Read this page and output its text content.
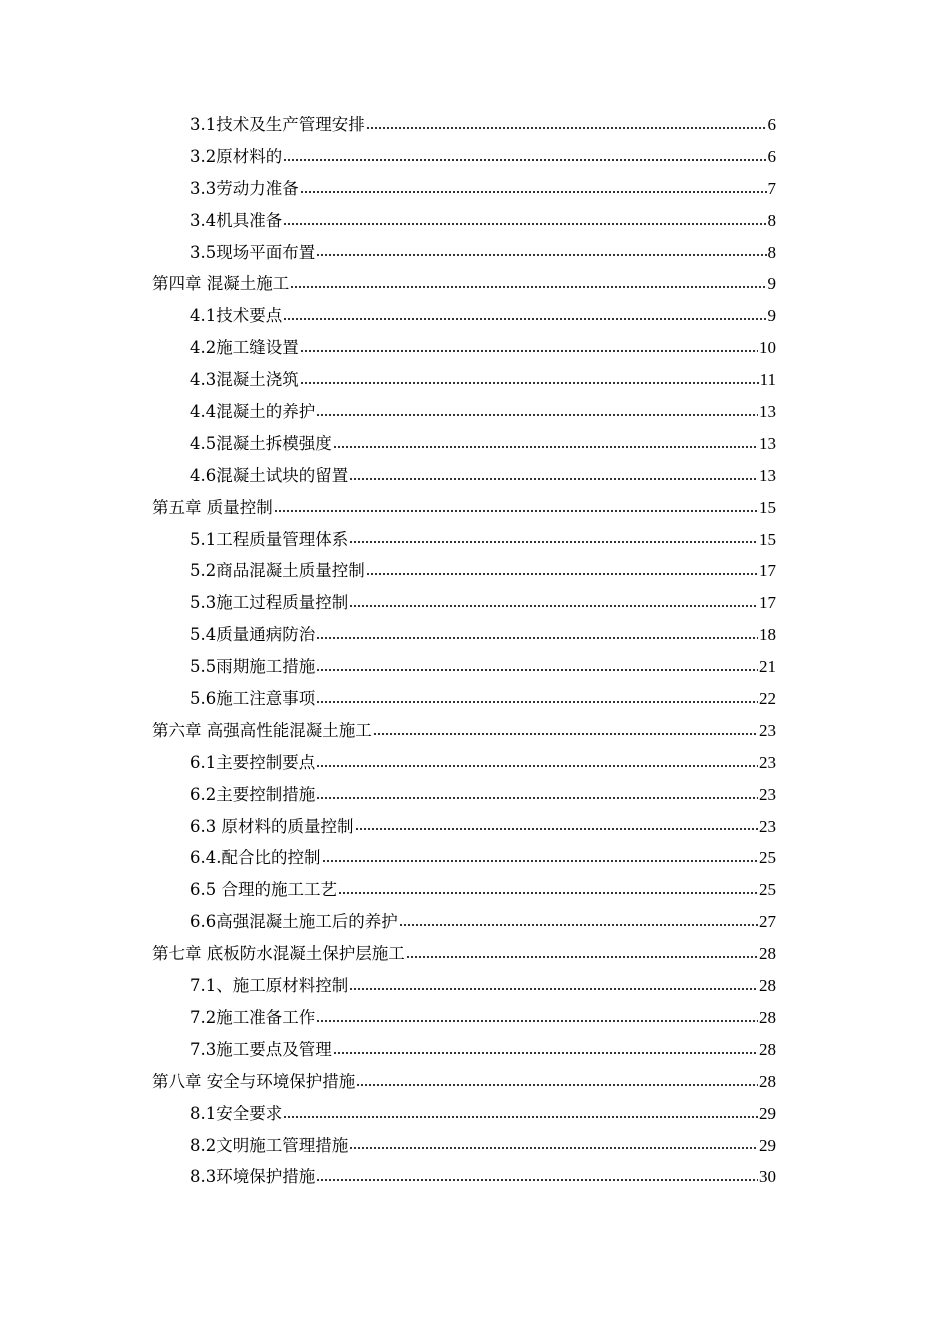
3.1技术及生产管理安排	6
3.2原材料的	6
3.3劳动力准备	7
3.4机具准备	8
3.5现场平面布置	8
第四章 混凝土施工	9
4.1技术要点	9
4.2施工缝设置	10
4.3混凝土浇筑	11
4.4混凝土的养护	13
4.5混凝土拆模强度	13
4.6混凝土试块的留置	13
第五章 质量控制	15
5.1工程质量管理体系	15
5.2商品混凝土质量控制	17
5.3施工过程质量控制	17
5.4质量通病防治	18
5.5雨期施工措施	21
5.6施工注意事项	22
第六章 高强高性能混凝土施工	23
6.1主要控制要点	23
6.2主要控制措施	23
6.3 原材料的质量控制	23
6.4.配合比的控制	25
6.5 合理的施工工艺	25
6.6高强混凝土施工后的养护	27
第七章 底板防水混凝土保护层施工	28
7.1、施工原材料控制	28
7.2施工准备工作	28
7.3施工要点及管理	28
第八章 安全与环境保护措施	28
8.1安全要求	29
8.2文明施工管理措施	29
8.3环境保护措施	30
